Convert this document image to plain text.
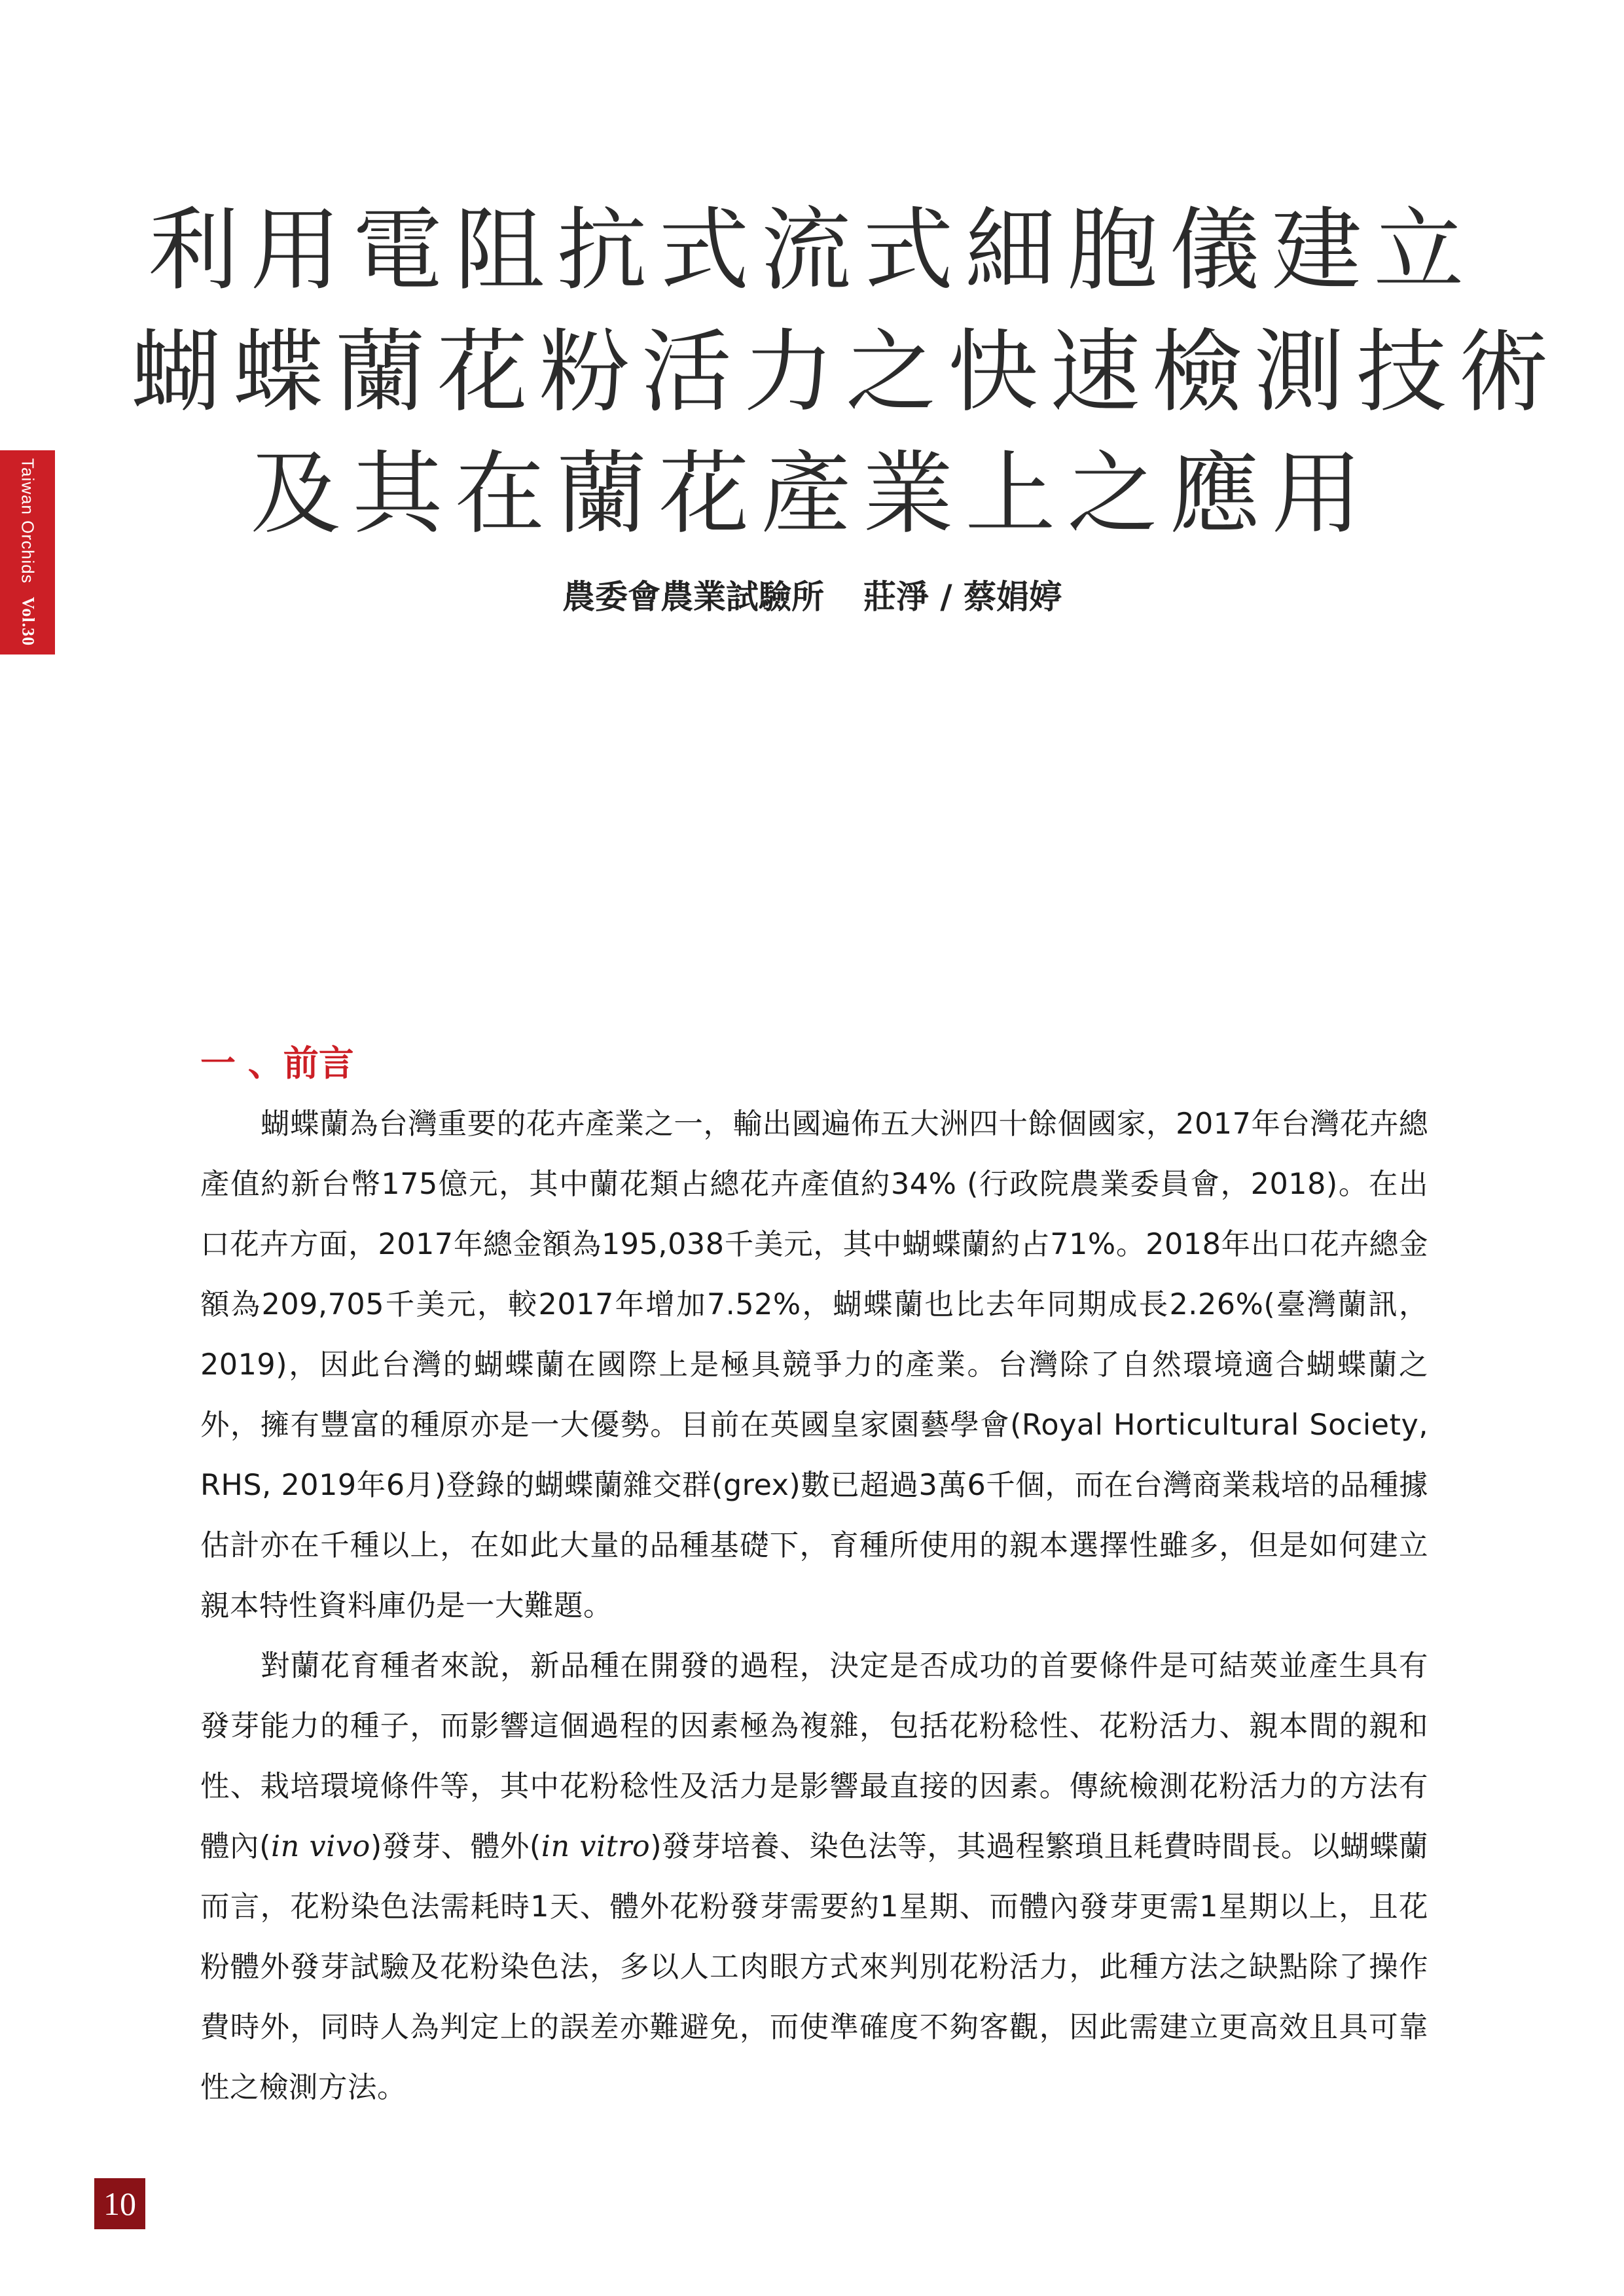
Taiwan Orchids Vol.30
利用電阻抗式流式細胞儀建立
蝴蝶蘭花粉活力之快速檢測技術
及其在蘭花產業上之應用
農委會農業試驗所 莊淨 / 蔡娟婷
一 、前言

蝴蝶蘭為台灣重要的花卉產業之一，輸出國遍佈五大洲四十餘個國家，2017年台灣花卉總產值約新台幣175億元，其中蘭花類占總花卉產值約34% (行政院農業委員會，2018)。在出口花卉方面，2017年總金額為195,038千美元，其中蝴蝶蘭約占71%。2018年出口花卉總金額為209,705千美元，較2017年增加7.52%，蝴蝶蘭也比去年同期成長2.26%(臺灣蘭訊，2019)，因此台灣的蝴蝶蘭在國際上是極具競爭力的產業。台灣除了自然環境適合蝴蝶蘭之外，擁有豐富的種原亦是一大優勢。目前在英國皇家園藝學會(Royal Horticultural Society, RHS, 2019年6月)登錄的蝴蝶蘭雜交群(grex)數已超過3萬6千個，而在台灣商業栽培的品種據估計亦在千種以上，在如此大量的品種基礎下，育種所使用的親本選擇性雖多，但是如何建立親本特性資料庫仍是一大難題。

對蘭花育種者來說，新品種在開發的過程，決定是否成功的首要條件是可結莢並產生具有發芽能力的種子，而影響這個過程的因素極為複雜，包括花粉稔性、花粉活力、親本間的親和性、栽培環境條件等，其中花粉稔性及活力是影響最直接的因素。傳統檢測花粉活力的方法有體內(in vivo)發芽、體外(in vitro)發芽培養、染色法等，其過程繁瑣且耗費時間長。以蝴蝶蘭而言，花粉染色法需耗時1天、體外花粉發芽需要約1星期、而體內發芽更需1星期以上，且花粉體外發芽試驗及花粉染色法，多以人工肉眼方式來判別花粉活力，此種方法之缺點除了操作費時外，同時人為判定上的誤差亦難避免，而使準確度不夠客觀，因此需建立更高效且具可靠性之檢測方法。

10
